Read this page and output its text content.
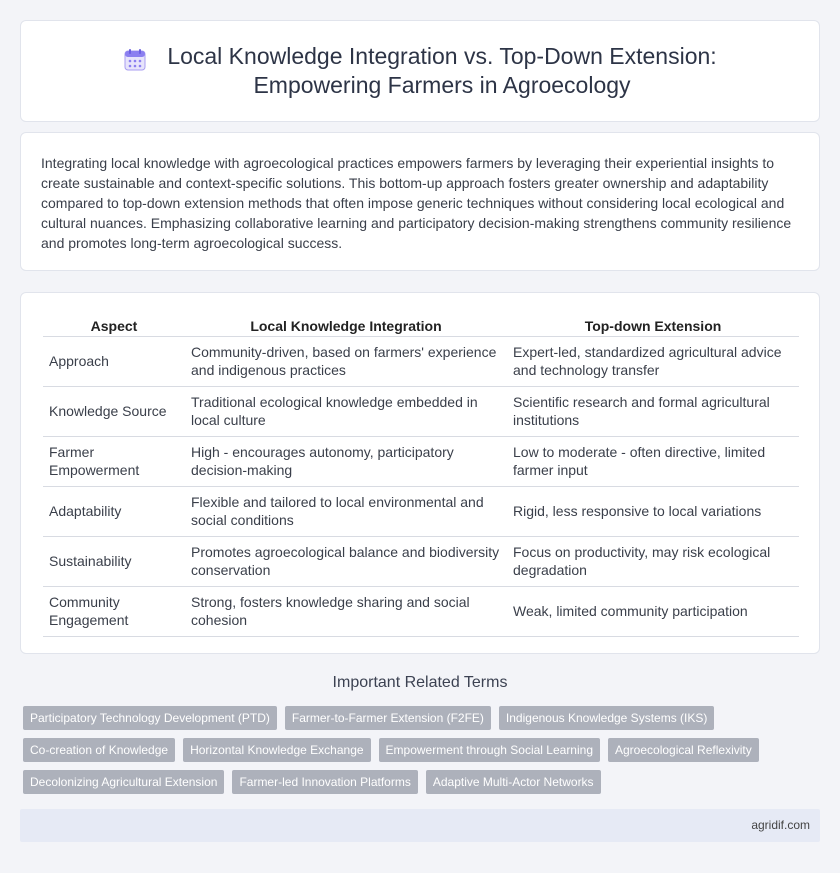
Local Knowledge Integration vs. Top-Down Extension:
Empowering Farmers in Agroecology

Integrating local knowledge with agroecological practices empowers farmers by leveraging their experiential insights to create sustainable and context-specific solutions. This bottom-up approach fosters greater ownership and adaptability compared to top-down extension methods that often impose generic techniques without considering local ecological and cultural nuances. Emphasizing collaborative learning and participatory decision-making strengthens community resilience and promotes long-term agroecological success.

Aspect	Local Knowledge Integration	Top-down Extension
Approach	Community-driven, based on farmers' experience and indigenous practices	Expert-led, standardized agricultural advice and technology transfer
Knowledge Source	Traditional ecological knowledge embedded in local culture	Scientific research and formal agricultural institutions
Farmer Empowerment	High - encourages autonomy, participatory decision-making	Low to moderate - often directive, limited farmer input
Adaptability	Flexible and tailored to local environmental and social conditions	Rigid, less responsive to local variations
Sustainability	Promotes agroecological balance and biodiversity conservation	Focus on productivity, may risk ecological degradation
Community Engagement	Strong, fosters knowledge sharing and social cohesion	Weak, limited community participation
Important Related Terms
Participatory Technology Development (PTD)	Farmer-to-Farmer Extension (F2FE)	Indigenous Knowledge Systems (IKS)
Co-creation of Knowledge	Horizontal Knowledge Exchange	Empowerment through Social Learning	Agroecological Reflexivity
Decolonizing Agricultural Extension	Farmer-led Innovation Platforms	Adaptive Multi-Actor Networks
agridif.com
